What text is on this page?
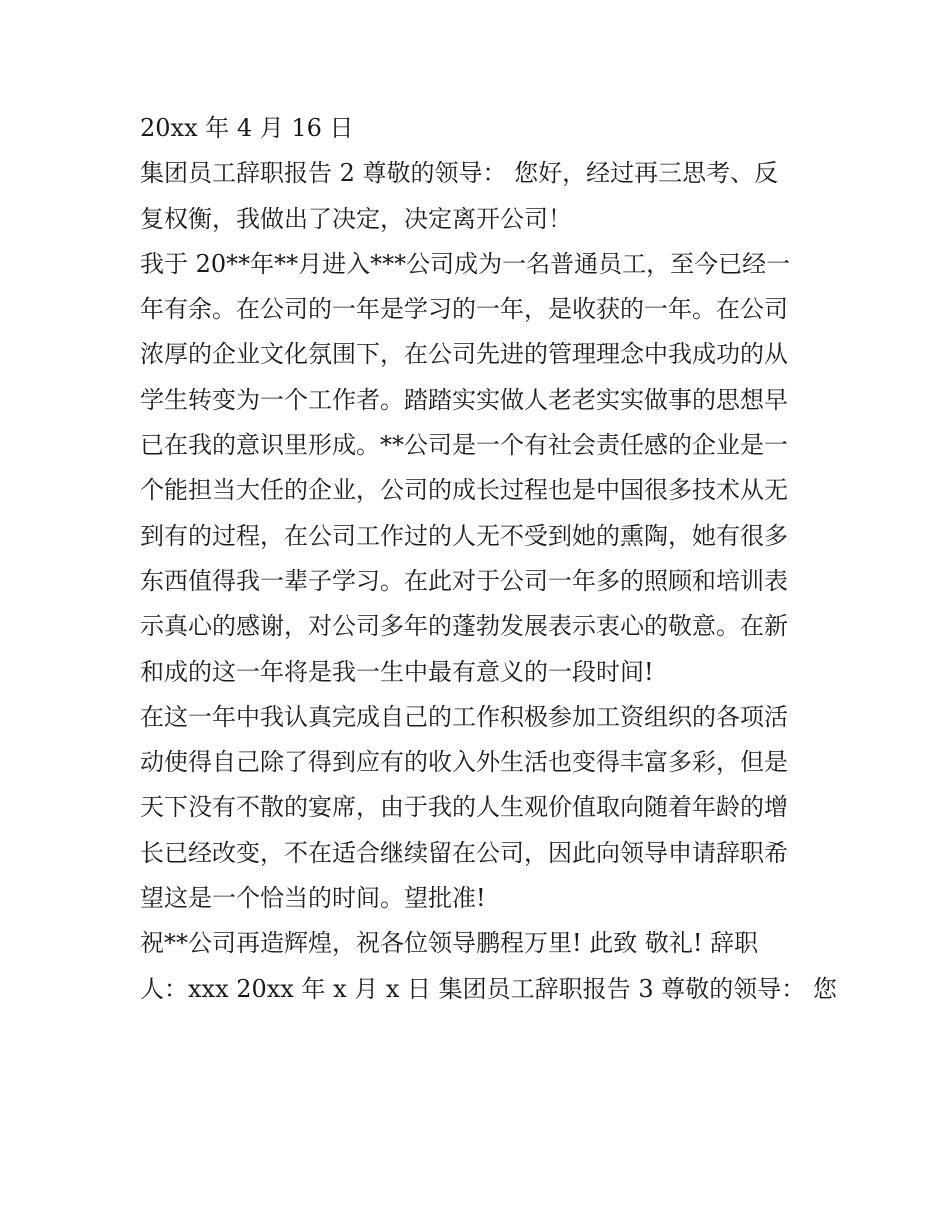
20xx 年 4 月 16 日
集团员工辞职报告 2 尊敬的领导： 您好，经过再三思考、反
复权衡，我做出了决定，决定离开公司！
我于 20**年**月进入***公司成为一名普通员工，至今已经一
年有余。在公司的一年是学习的一年，是收获的一年。在公司
浓厚的企业文化氛围下，在公司先进的管理理念中我成功的从
学生转变为一个工作者。踏踏实实做人老老实实做事的思想早
已在我的意识里形成。**公司是一个有社会责任感的企业是一
个能担当大任的企业，公司的成长过程也是中国很多技术从无
到有的过程，在公司工作过的人无不受到她的熏陶，她有很多
东西值得我一辈子学习。在此对于公司一年多的照顾和培训表
示真心的感谢，对公司多年的蓬勃发展表示衷心的敬意。在新
和成的这一年将是我一生中最有意义的一段时间!
在这一年中我认真完成自己的工作积极参加工资组织的各项活
动使得自己除了得到应有的收入外生活也变得丰富多彩，但是
天下没有不散的宴席，由于我的人生观价值取向随着年龄的增
长已经改变，不在适合继续留在公司，因此向领导申请辞职希
望这是一个恰当的时间。望批准!
祝**公司再造辉煌，祝各位领导鹏程万里! 此致 敬礼! 辞职
人：xxx 20xx 年 x 月 x 日 集团员工辞职报告 3 尊敬的领导： 您
